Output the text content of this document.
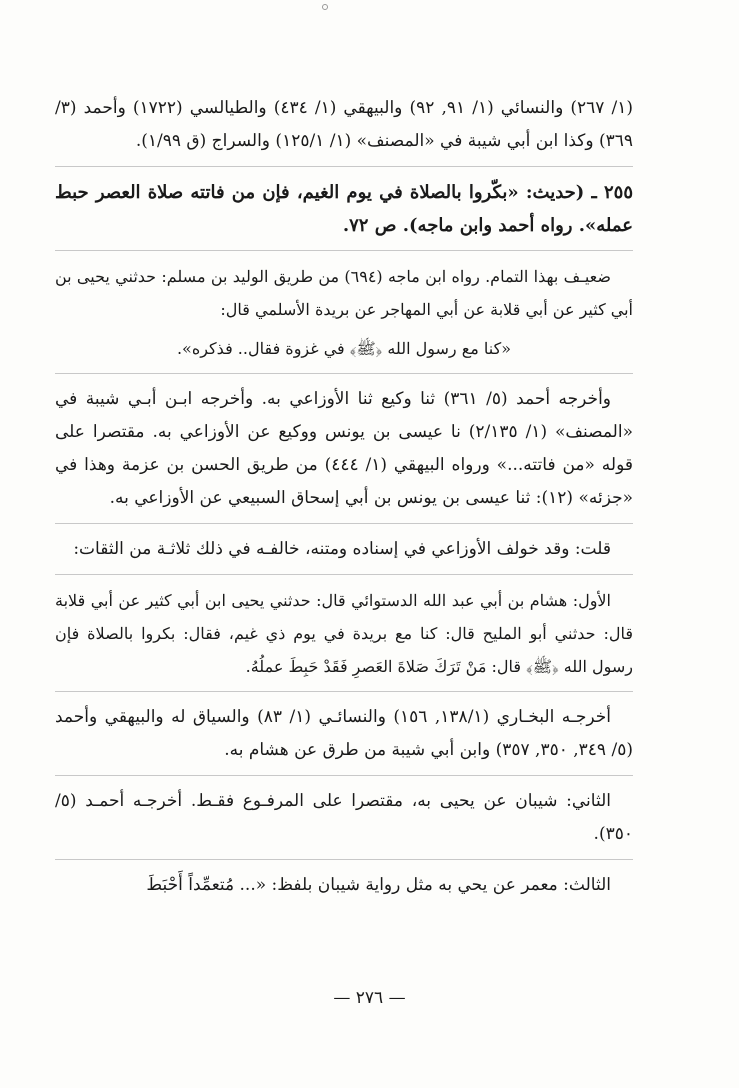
(١/ ٢٦٧) والنسائي (١/ ٩١, ٩٢) والبيهقي (١/ ٤٣٤) والطيالسي (١٧٢٢) وأحمد (٣/ ٣٦٩) وكذا ابن أبي شيبة في «المصنف» (١/ ١٢٥/١) والسراج (ق ١/٩٩).

٢٥٥ ـ (حديث: «بكّروا بالصلاة في يوم الغيم، فإن من فاتته صلاة العصر حبط عمله». رواه أحمد وابن ماجه). ص ٧٢.

ضعيـف بهذا التمام. رواه ابن ماجه (٦٩٤) من طريق الوليد بن مسلم: حدثني يحيى بن أبي كثير عن أبي قلابة عن أبي المهاجر عن بريدة الأسلمي قال:

«كنا مع رسول الله ﴿ﷺ﴾ في غزوة فقال.. فذكره».

وأخرجه أحمد (٥/ ٣٦١) ثنا وكيع ثنا الأوزاعي به. وأخرجه ابـن أبـي شيبة في «المصنف» (١/ ٢/١٣٥) نا عيسى بن يونس ووكيع عن الأوزاعي به. مقتصرا على قوله «من فاتته...» ورواه البيهقي (١/ ٤٤٤) من طريق الحسن بن عزمة وهذا في «جزئه» (١٢): ثنا عيسى بن يونس بن أبي إسحاق السبيعي عن الأوزاعي به.

قلت: وقد خولف الأوزاعي في إسناده ومتنه، خالفـه في ذلك ثلاثـة من الثقات:

الأول: هشام بن أبي عبد الله الدستوائي قال: حدثني يحيى ابن أبي كثير عن أبي قلابة قال: حدثني أبو المليح قال: كنا مع بريدة في يوم ذي غيم، فقال: بكروا بالصلاة فإن رسول الله ﴿ﷺ﴾ قال: مَنْ تَرَكَ صَلاةَ العَصرِ فَقَدْ حَبِطَ عملُهُ.

أخرجـه البخـاري (١٣٨/١, ١٥٦) والنسائـي (١/ ٨٣) والسياق له والبيهقي وأحمد (٥/ ٣٤٩, ٣٥٠, ٣٥٧) وابن أبي شيبة من طرق عن هشام به.

الثاني: شيبان عن يحيى به، مقتصرا على المرفـوع فقـط. أخرجـه أحمـد (٥/ ٣٥٠).

الثالث: معمر عن يحي به مثل رواية شيبان بلفظ: «... مُتعمِّداً أَحْبَطَ

— ٢٧٦ —
